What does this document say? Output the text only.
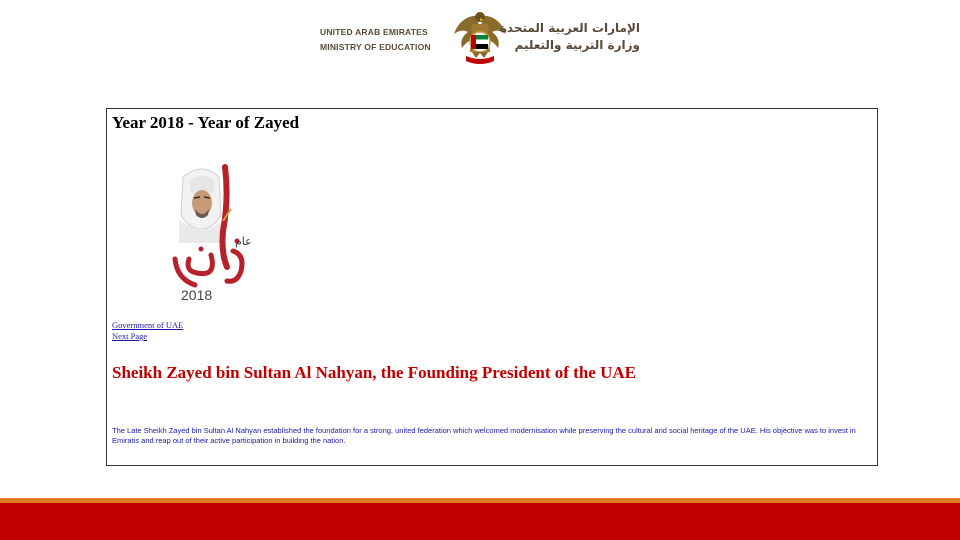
UNITED ARAB EMIRATES
MINISTRY OF EDUCATION
الإمارات العربية المتحدة
وزارة التربية والتعليم
Year 2018 - Year of Zayed
عام
2018
Government of UAE
Next Page
Sheikh Zayed bin Sultan Al Nahyan, the Founding President of the UAE
The Late Sheikh Zayed bin Sultan Al Nahyan established the foundation for a strong, united federation which welcomed modernisation while preserving the cultural and social heritage of the UAE. His objective was to invest in Emiratis and reap out of their active participation in building the nation.
